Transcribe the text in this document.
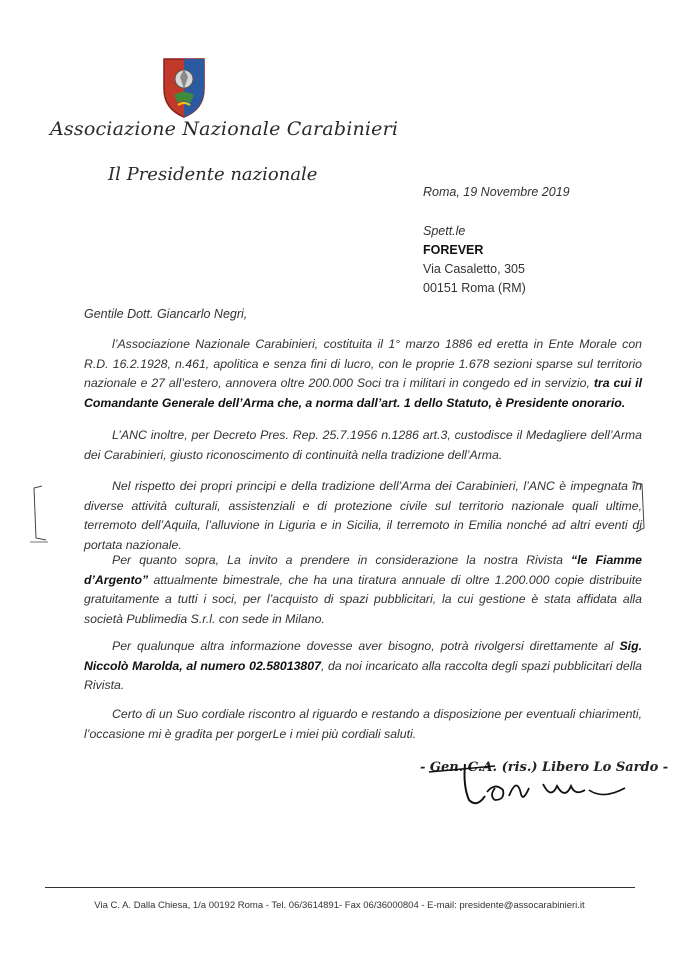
Associazione Nazionale Carabinieri
Il Presidente nazionale
Roma, 19 Novembre 2019
Spett.le
FOREVER
Via Casaletto, 305
00151 Roma (RM)
Gentile Dott. Giancarlo Negri,
l’Associazione Nazionale Carabinieri, costituita il 1° marzo 1886 ed eretta in Ente Morale con R.D. 16.2.1928, n.461, apolitica e senza fini di lucro, con le proprie 1.678 sezioni sparse sul territorio nazionale e 27 all’estero, annovera oltre 200.000 Soci tra i militari in congedo ed in servizio, tra cui il Comandante Generale dell’Arma che, a norma dall’art. 1 dello Statuto, è Presidente onorario.
L’ANC inoltre, per Decreto Pres. Rep. 25.7.1956 n.1286 art.3, custodisce il Medagliere dell’Arma dei Carabinieri, giusto riconoscimento di continuità nella tradizione dell’Arma.
Nel rispetto dei propri principi e della tradizione dell’Arma dei Carabinieri, l’ANC è impegnata in diverse attività culturali, assistenziali e di protezione civile sul territorio nazionale quali ultime, terremoto dell’Aquila, l’alluvione in Liguria e in Sicilia, il terremoto in Emilia nonché ad altri eventi di portata nazionale.
Per quanto sopra, La invito a prendere in considerazione la nostra Rivista “le Fiamme d’Argento” attualmente bimestrale, che ha una tiratura annuale di oltre 1.200.000 copie distribuite gratuitamente a tutti i soci, per l’acquisto di spazi pubblicitari, la cui gestione è stata affidata alla società Publimedia S.r.l. con sede in Milano.
Per qualunque altra informazione dovesse aver bisogno, potrà rivolgersi direttamente al Sig. Niccolò Marolda, al numero 02.58013807, da noi incaricato alla raccolta degli spazi pubblicitari della Rivista.
Certo di un Suo cordiale riscontro al riguardo e restando a disposizione per eventuali chiarimenti, l’occasione mi è gradita per porgerLe i miei più cordiali saluti.
- Gen. C.A. (ris.) Libero Lo Sardo -
Via C. A. Dalla Chiesa, 1/a 00192 Roma - Tel. 06/3614891- Fax 06/36000804 - E-mail: presidente@assocarabinieri.it
